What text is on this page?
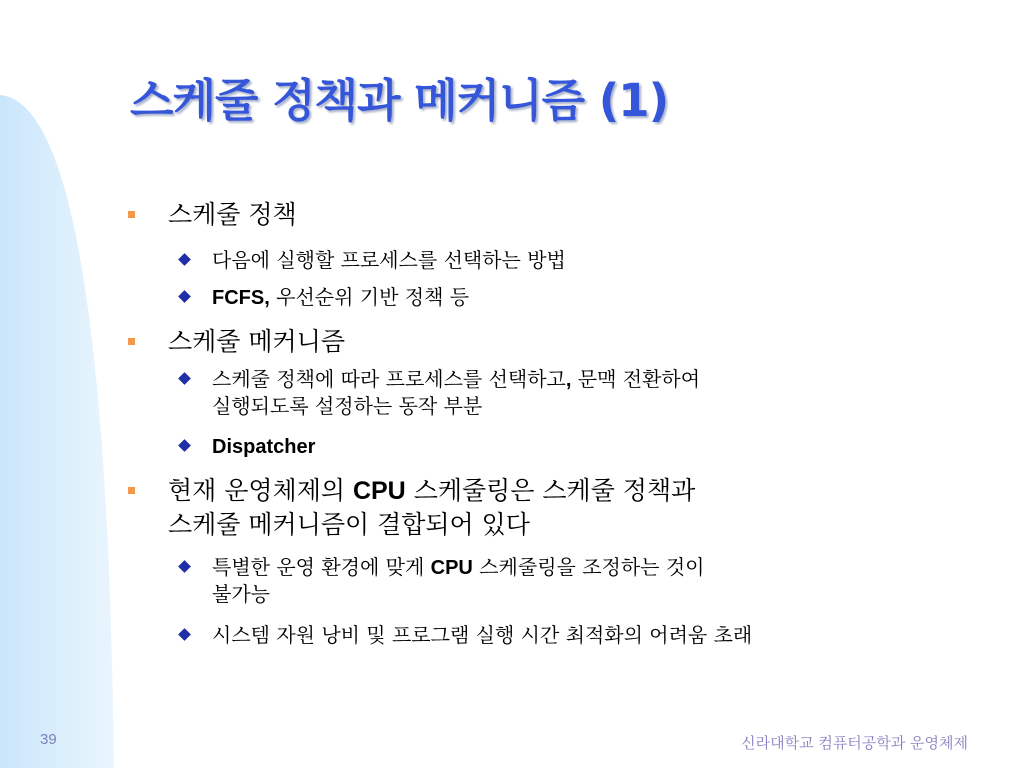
스케줄 정책과 메커니즘 (1)
스케줄 정책
다음에 실행할 프로세스를 선택하는 방법
FCFS, 우선순위 기반 정책 등
스케줄 메커니즘
스케줄 정책에 따라 프로세스를 선택하고, 문맥 전환하여
실행되도록 설정하는 동작 부분
Dispatcher
현재 운영체제의 CPU 스케줄링은 스케줄 정책과
스케줄 메커니즘이 결합되어 있다
특별한 운영 환경에 맞게 CPU 스케줄링을 조정하는 것이
불가능
시스템 자원 낭비 및 프로그램 실행 시간 최적화의 어려움 초래
39	신라대학교 컴퓨터공학과 운영체제
